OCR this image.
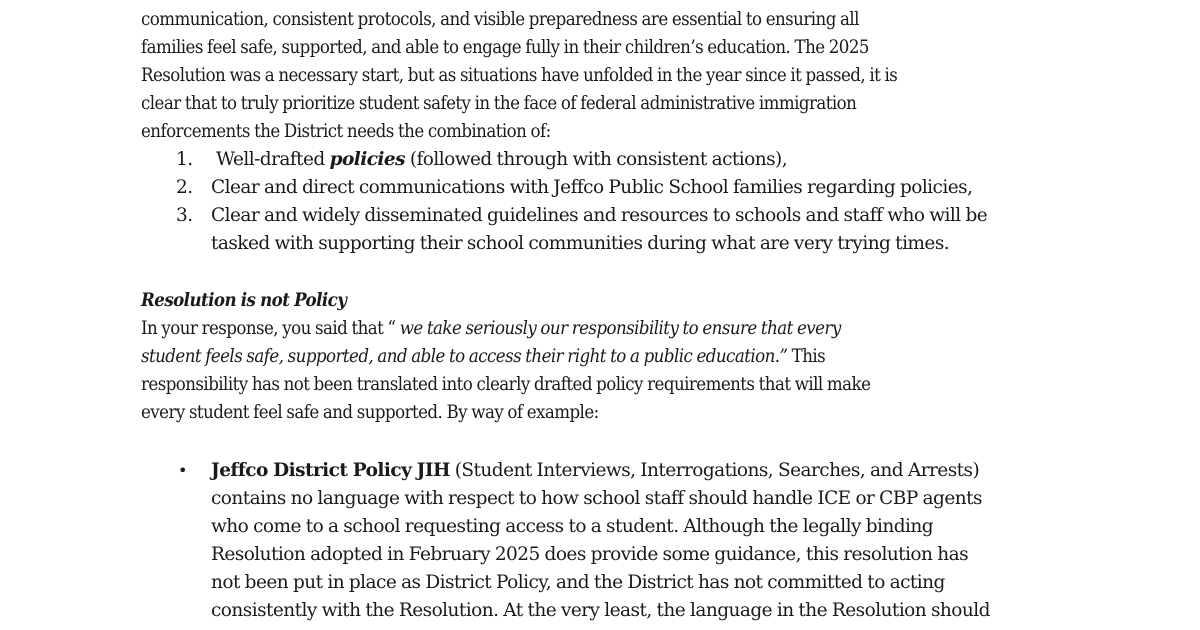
communication, consistent protocols, and visible preparedness are essential to ensuring all
families feel safe, supported, and able to engage fully in their children’s education. The 2025
Resolution was a necessary start, but as situations have unfolded in the year since it passed, it is
clear that to truly prioritize student safety in the face of federal administrative immigration
enforcements the District needs the combination of:
1.	Well-drafted policies (followed through with consistent actions),
2. Clear and direct communications with Jeffco Public School families regarding policies,
3. Clear and widely disseminated guidelines and resources to schools and staff who will be
tasked with supporting their school communities during what are very trying times.
Resolution is not Policy
In your response, you said that “ we take seriously our responsibility to ensure that every
student feels safe, supported, and able to access their right to a public education.” This
responsibility has not been translated into clearly drafted policy requirements that will make
every student feel safe and supported. By way of example:
• Jeffco District Policy JIH (Student Interviews, Interrogations, Searches, and Arrests)
contains no language with respect to how school staff should handle ICE or CBP agents
who come to a school requesting access to a student. Although the legally binding
Resolution adopted in February 2025 does provide some guidance, this resolution has
not been put in place as District Policy, and the District has not committed to acting
consistently with the Resolution. At the very least, the language in the Resolution should
